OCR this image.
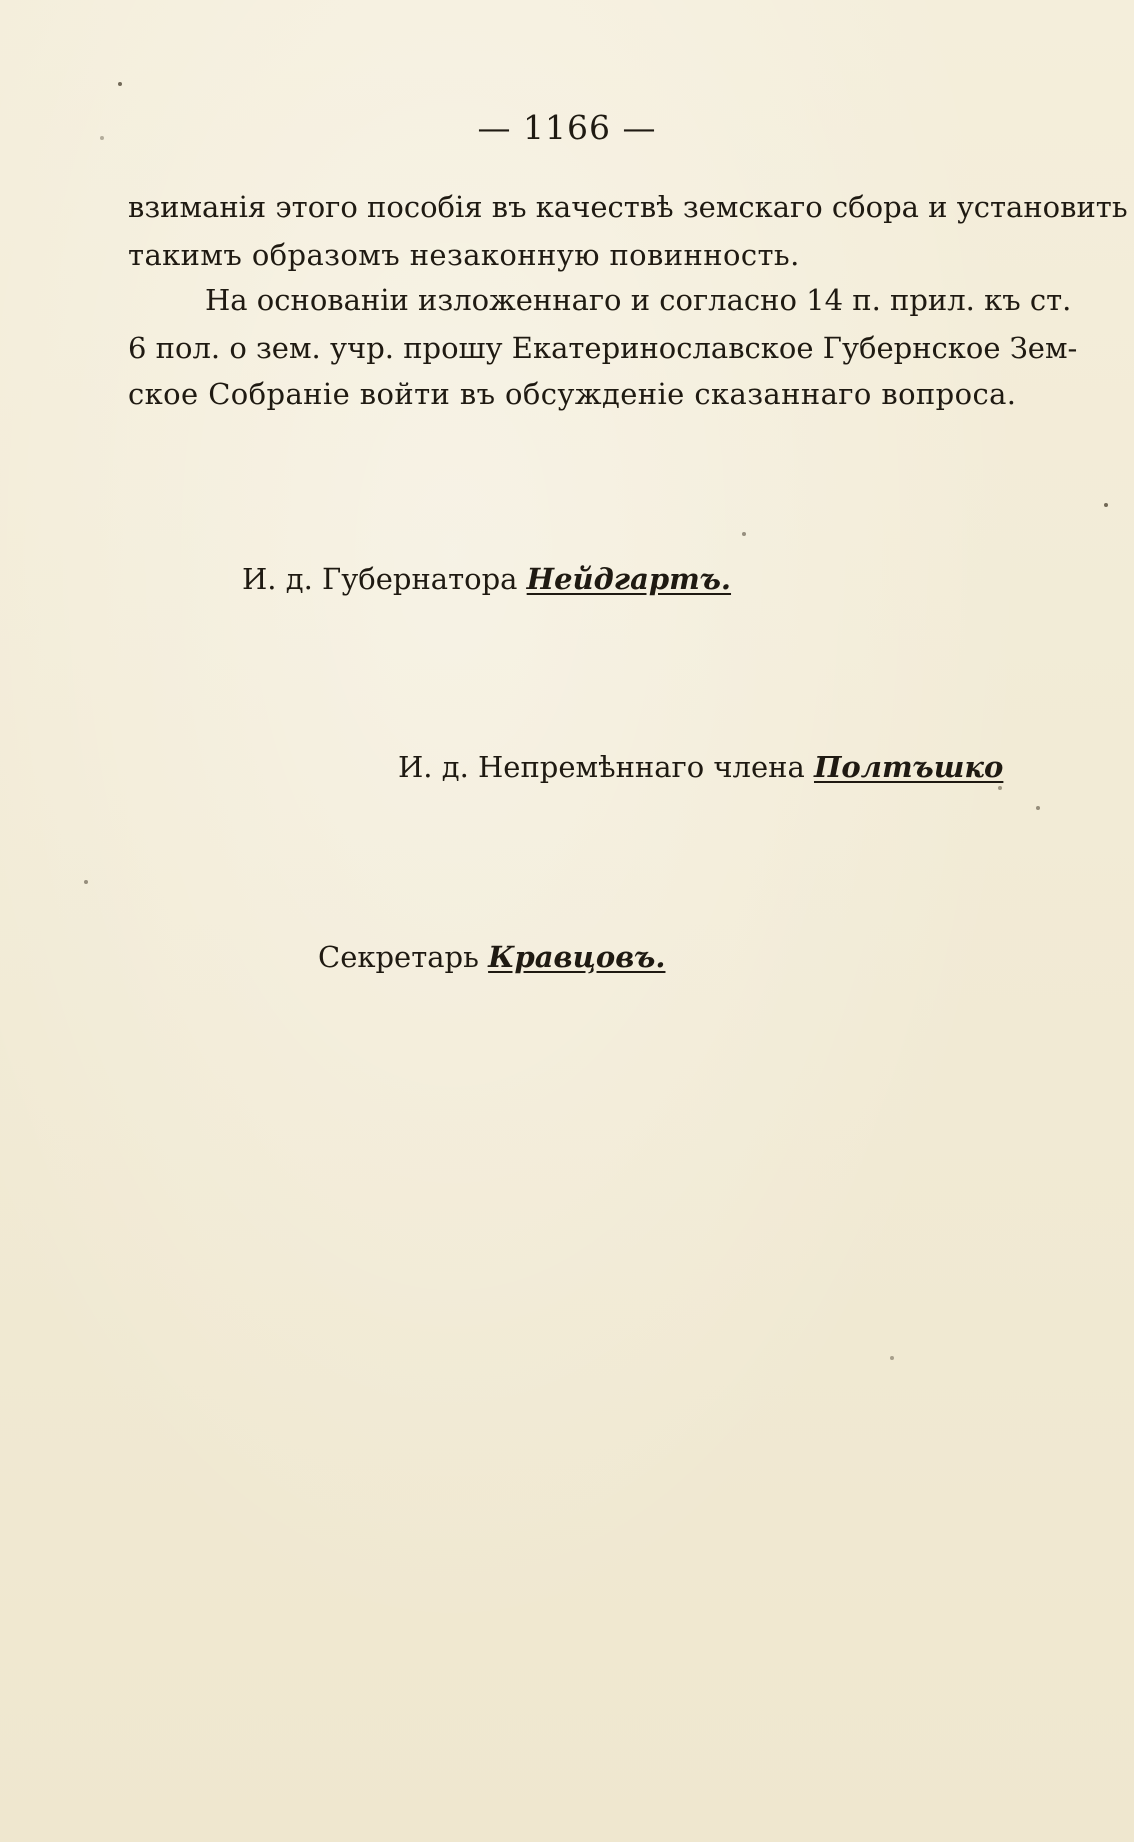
— 1166 —
взиманія этого пособія въ качествѣ земскаго сбора и установить
такимъ образомъ незаконную повинность.
На основаніи изложеннаго и согласно 14 п. прил. къ ст.
6 пол. о зем. учр. прошу Екатеринославское Губернское Зем-
ское Собраніе войти въ обсужденіе сказаннаго вопроса.
И. д. Губернатора Нейдгартъ.
И. д. Непремѣннаго члена Полтъшко
Секретарь Кравцовъ.
